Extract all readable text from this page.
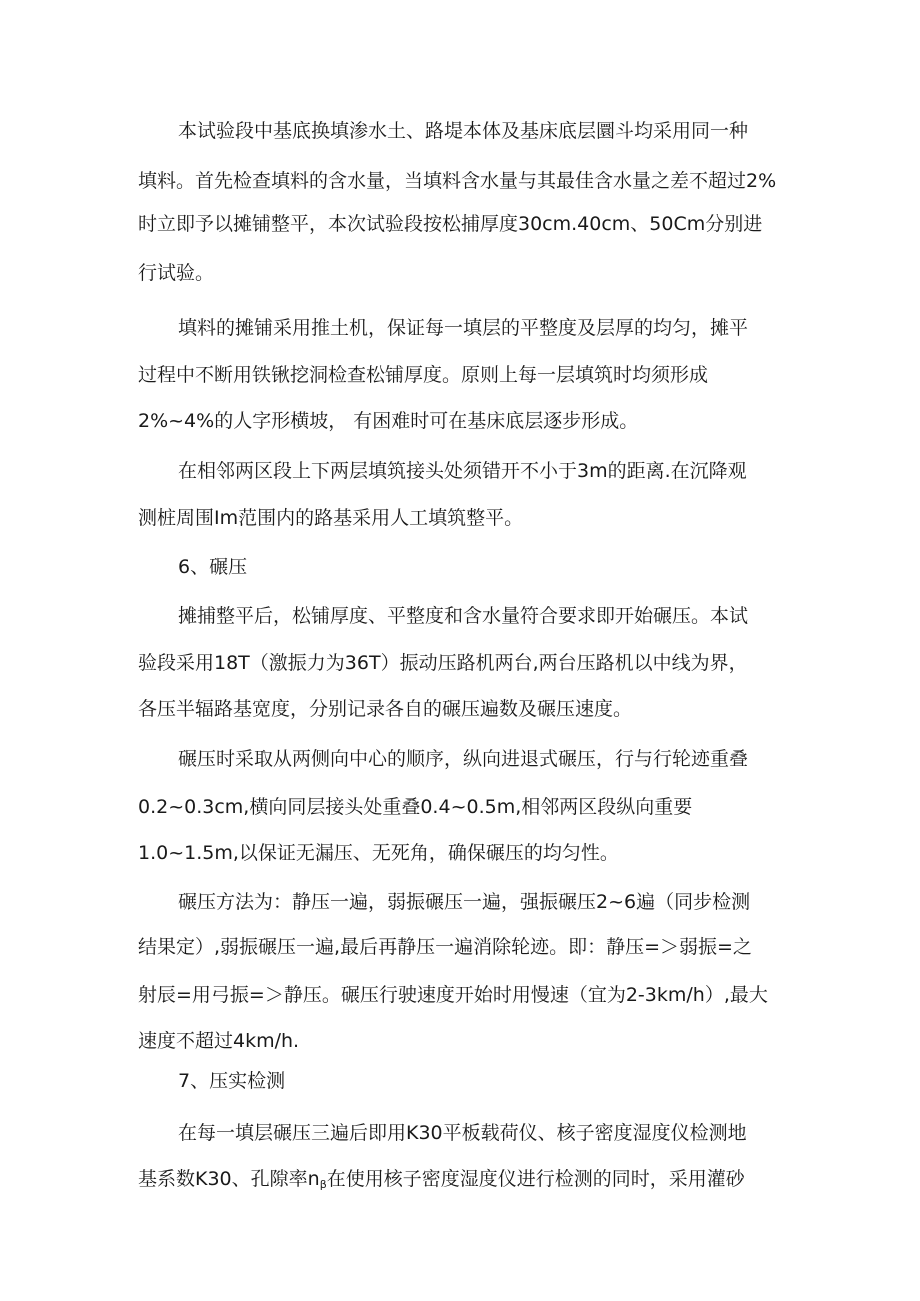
本试验段中基底换填渗水土、路堤本体及基床底层圜斗均采用同一种
填料。首先检查填料的含水量，当填料含水量与其最佳含水量之差不超过2%
时立即予以摊铺整平，本次试验段按松捕厚度30cm.40cm、50Cm分别进
行试验。
填料的摊铺采用推土机，保证每一填层的平整度及层厚的均匀，摊平
过程中不断用铁锹挖洞检查松铺厚度。原则上每一层填筑时均须形成
2%~4%的人字形横坡， 有困难时可在基床底层逐步形成。
在相邻两区段上下两层填筑接头处须错开不小于3m的距离.在沉降观
测桩周围Im范围内的路基采用人工填筑整平。
6、碾压
摊捕整平后，松铺厚度、平整度和含水量符合要求即开始碾压。本试
验段采用18T（激振力为36T）振动压路机两台,两台压路机以中线为界，
各压半辐路基宽度，分别记录各自的碾压遍数及碾压速度。
碾压时采取从两侧向中心的顺序，纵向进退式碾压，行与行轮迹重叠
0.2~0.3cm,横向同层接头处重叠0.4~0.5m,相邻两区段纵向重要
1.0~1.5m,以保证无漏压、无死角，确保碾压的均匀性。
碾压方法为：静压一遍，弱振碾压一遍，强振碾压2~6遍（同步检测
结果定）,弱振碾压一遍,最后再静压一遍消除轮迹。即：静压=＞弱振=之
射辰=用弓振=＞静压。碾压行驶速度开始时用慢速（宜为2-3km∕h）,最大
速度不超过4km∕h.
7、压实检测
在每一填层碾压三遍后即用K30平板载荷仪、核子密度湿度仪检测地
基系数K30、孔隙率$n_\beta$在使用核子密度湿度仪进行检测的同时，采用灌砂
